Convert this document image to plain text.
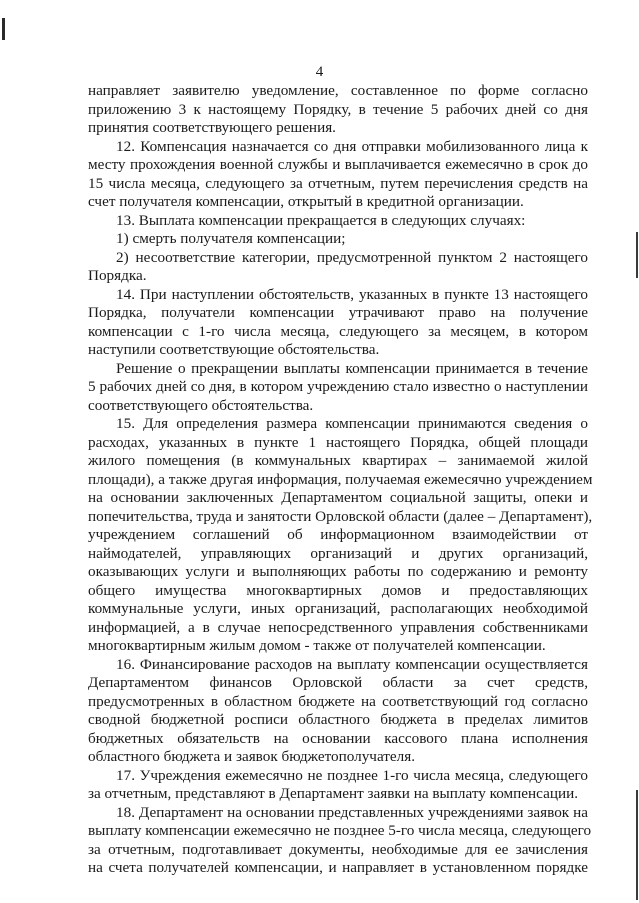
4
направляет заявителю уведомление, составленное по форме согласно
приложению 3 к настоящему Порядку, в течение 5 рабочих дней со дня
принятия соответствующего решения.
12. Компенсация назначается со дня отправки мобилизованного лица к
месту прохождения военной службы и выплачивается ежемесячно в срок до
15 числа месяца, следующего за отчетным, путем перечисления средств на
счет получателя компенсации, открытый в кредитной организации.
13. Выплата компенсации прекращается в следующих случаях:
1) смерть получателя компенсации;
2) несоответствие категории, предусмотренной пунктом 2 настоящего
Порядка.
14. При наступлении обстоятельств, указанных в пункте 13 настоящего
Порядка, получатели компенсации утрачивают право на получение
компенсации с 1-го числа месяца, следующего за месяцем, в котором
наступили соответствующие обстоятельства.
Решение о прекращении выплаты компенсации принимается в течение
5 рабочих дней со дня, в котором учреждению стало известно о наступлении
соответствующего обстоятельства.
15. Для определения размера компенсации принимаются сведения о
расходах, указанных в пункте 1 настоящего Порядка, общей площади
жилого помещения (в коммунальных квартирах – занимаемой жилой
площади), а также другая информация, получаемая ежемесячно учреждением
на основании заключенных Департаментом социальной защиты, опеки и
попечительства, труда и занятости Орловской области (далее – Департамент),
учреждением соглашений об информационном взаимодействии от
наймодателей, управляющих организаций и других организаций,
оказывающих услуги и выполняющих работы по содержанию и ремонту
общего имущества многоквартирных домов и предоставляющих
коммунальные услуги, иных организаций, располагающих необходимой
информацией, а в случае непосредственного управления собственниками
многоквартирным жилым домом - также от получателей компенсации.
16. Финансирование расходов на выплату компенсации осуществляется
Департаментом финансов Орловской области за счет средств,
предусмотренных в областном бюджете на соответствующий год согласно
сводной бюджетной росписи областного бюджета в пределах лимитов
бюджетных обязательств на основании кассового плана исполнения
областного бюджета и заявок бюджетополучателя.
17. Учреждения ежемесячно не позднее 1-го числа месяца, следующего
за отчетным, представляют в Департамент заявки на выплату компенсации.
18. Департамент на основании представленных учреждениями заявок на
выплату компенсации ежемесячно не позднее 5-го числа месяца, следующего
за отчетным, подготавливает документы, необходимые для ее зачисления
на счета получателей компенсации, и направляет в установленном порядке
